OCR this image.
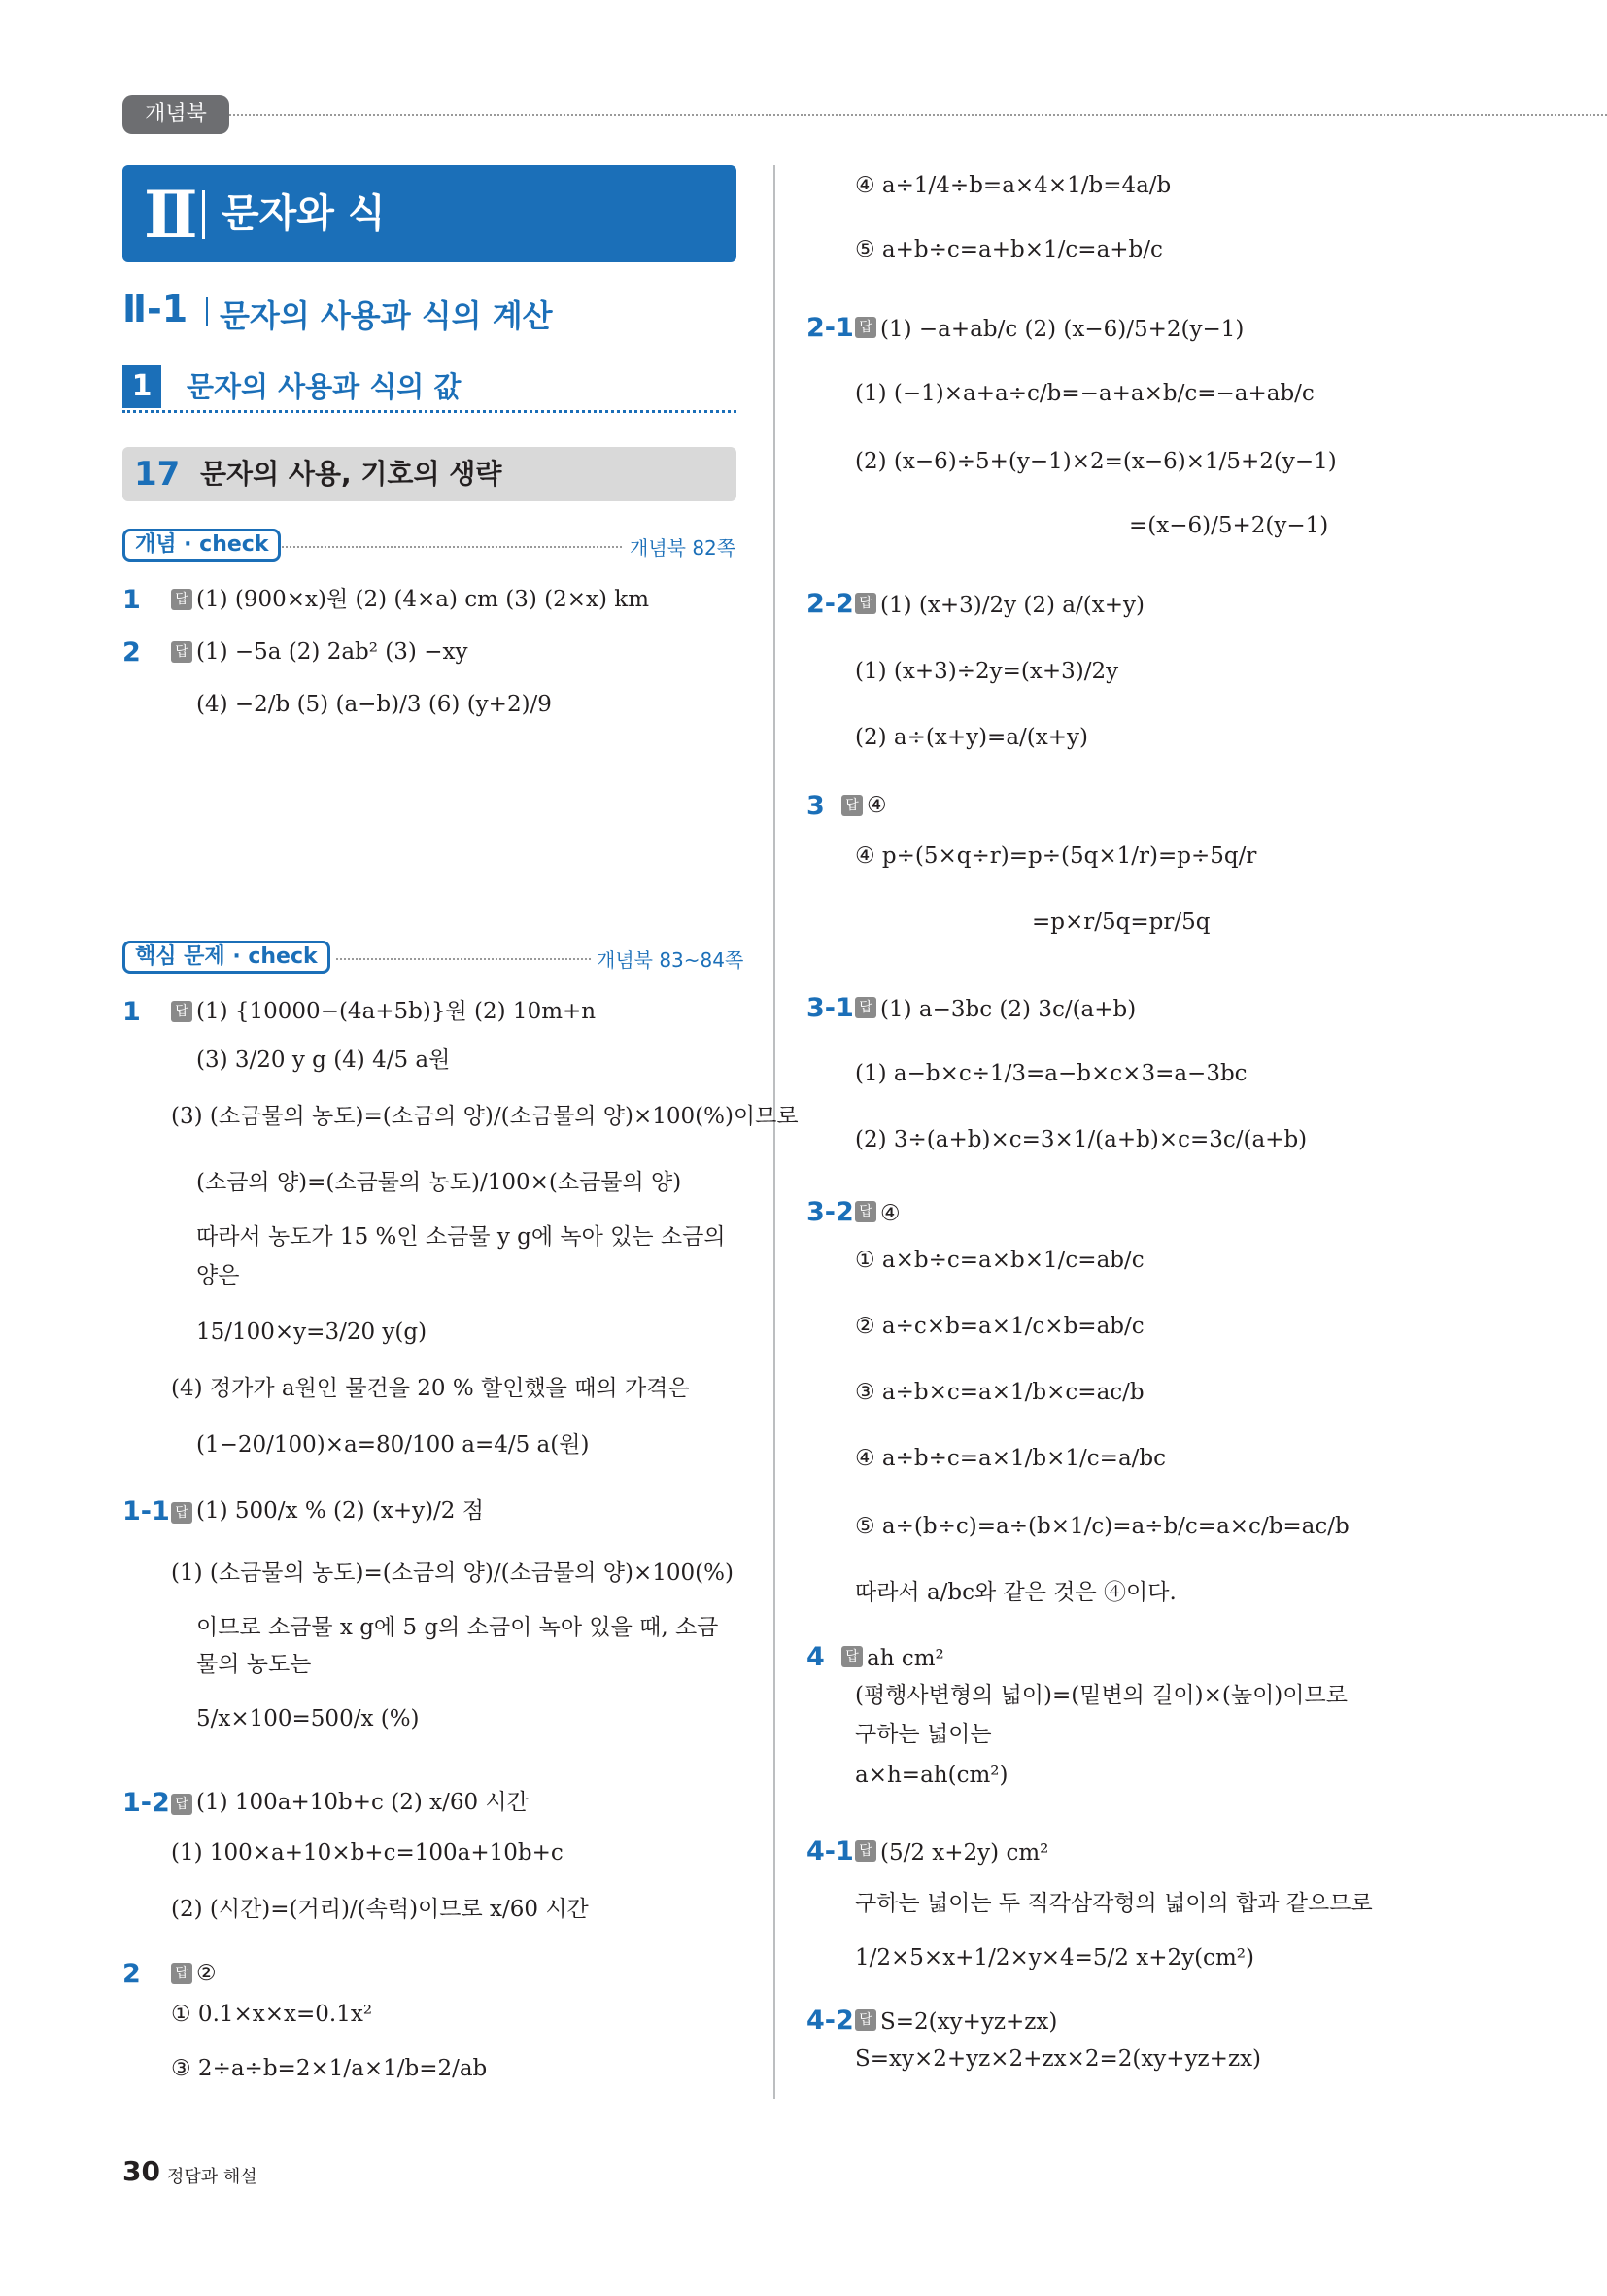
개념북
Ⅱ 문자와 식
Ⅱ-1 문자의 사용과 식의 계산
1	문자의 사용과 식의 값
17 문자의 사용, 기호의 생략
개념 · check	개념북 82쪽
핵심 문제 · check	개념북 83~84쪽
1
2
1
1-1
1-2
2
답
답
답
답
답
답
(1) (900×x)원 (2) (4×a) cm (3) (2×x) km
(1) −5a (2) 2ab² (3) −xy
(4) −2/b (5) (a−b)/3 (6) (y+2)/9
(1) {10000−(4a+5b)}원 (2) 10m+n
(3) 3/20 y g (4) 4/5 a원
(3) (소금물의 농도)=(소금의 양)/(소금물의 양)×100(%)이므로
(소금의 양)=(소금물의 농도)/100×(소금물의 양)
따라서 농도가 15 %인 소금물 y g에 녹아 있는 소금의
양은
15/100×y=3/20 y(g)
(4) 정가가 a원인 물건을 20 % 할인했을 때의 가격은
(1−20/100)×a=80/100 a=4/5 a(원)
(1) 500/x % (2) (x+y)/2 점
(1) (소금물의 농도)=(소금의 양)/(소금물의 양)×100(%)
이므로 소금물 x g에 5 g의 소금이 녹아 있을 때, 소금
물의 농도는
5/x×100=500/x (%)
(1) 100a+10b+c (2) x/60 시간
(1) 100×a+10×b+c=100a+10b+c
(2) (시간)=(거리)/(속력)이므로 x/60 시간
②
① 0.1×x×x=0.1x²
③ 2÷a÷b=2×1/a×1/b=2/ab
2-1
2-2
3
3-1
3-2
4
4-1
4-2
답
답
답
답
답
답
답
답
④ a÷1/4÷b=a×4×1/b=4a/b
⑤ a+b÷c=a+b×1/c=a+b/c
(1) −a+ab/c (2) (x−6)/5+2(y−1)
(1) (−1)×a+a÷c/b=−a+a×b/c=−a+ab/c
(2) (x−6)÷5+(y−1)×2=(x−6)×1/5+2(y−1)
=(x−6)/5+2(y−1)
(1) (x+3)/2y (2) a/(x+y)
(1) (x+3)÷2y=(x+3)/2y
(2) a÷(x+y)=a/(x+y)
④
④ p÷(5×q÷r)=p÷(5q×1/r)=p÷5q/r
=p×r/5q=pr/5q
(1) a−3bc (2) 3c/(a+b)
(1) a−b×c÷1/3=a−b×c×3=a−3bc
(2) 3÷(a+b)×c=3×1/(a+b)×c=3c/(a+b)
④
① a×b÷c=a×b×1/c=ab/c
② a÷c×b=a×1/c×b=ab/c
③ a÷b×c=a×1/b×c=ac/b
④ a÷b÷c=a×1/b×1/c=a/bc
⑤ a÷(b÷c)=a÷(b×1/c)=a÷b/c=a×c/b=ac/b
따라서 a/bc와 같은 것은 ④이다.
ah cm²
(평행사변형의 넓이)=(밑변의 길이)×(높이)이므로
구하는 넓이는
a×h=ah(cm²)
(5/2 x+2y) cm²
구하는 넓이는 두 직각삼각형의 넓이의 합과 같으므로
1/2×5×x+1/2×y×4=5/2 x+2y(cm²)
S=2(xy+yz+zx)
S=xy×2+yz×2+zx×2=2(xy+yz+zx)
30 정답과 해설
